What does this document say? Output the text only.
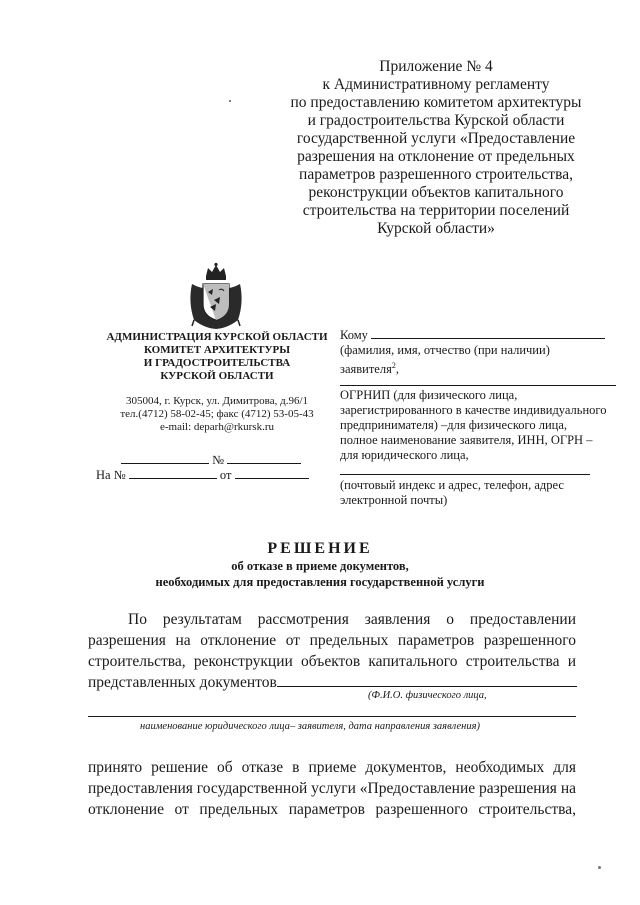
Приложение № 4
к Административному регламенту
по предоставлению комитетом архитектуры
и градостроительства Курской области
государственной услуги «Предоставление
разрешения на отклонение от предельных
параметров разрешенного строительства,
реконструкции объектов капитального
строительства на территории поселений
Курской области»
АДМИНИСТРАЦИЯ КУРСКОЙ ОБЛАСТИ
КОМИТЕТ АРХИТЕКТУРЫ
И ГРАДОСТРОИТЕЛЬСТВА
КУРСКОЙ ОБЛАСТИ
305004, г. Курск, ул. Димитрова, д.96/1
тел.(4712) 58-02-45; факс (4712) 53-05-43
e-mail: deparh@rkursk.ru
№
На №	от
Кому
(фамилия, имя, отчество (при наличии)
заявителя$^2$,
ОГРНИП (для физического лица,
зарегистрированного в качестве индивидуального
предпринимателя) –для физического лица,
полное наименование заявителя, ИНН, ОГРН –
для юридического лица,
(почтовый индекс и адрес, телефон, адрес
электронной почты)
РЕШЕНИЕ
об отказе в приеме документов,
необходимых для предоставления государственной услуги
По результатам рассмотрения заявления о предоставлении
разрешения на отклонение от предельных параметров разрешенного
строительства, реконструкции объектов капитального строительства и
представленных документов
(Ф.И.О. физического лица,
наименование юридического лица– заявителя, дата направления заявления)
принято решение об отказе в приеме документов, необходимых для
предоставления государственной услуги «Предоставление разрешения на
отклонение от предельных параметров разрешенного строительства,
